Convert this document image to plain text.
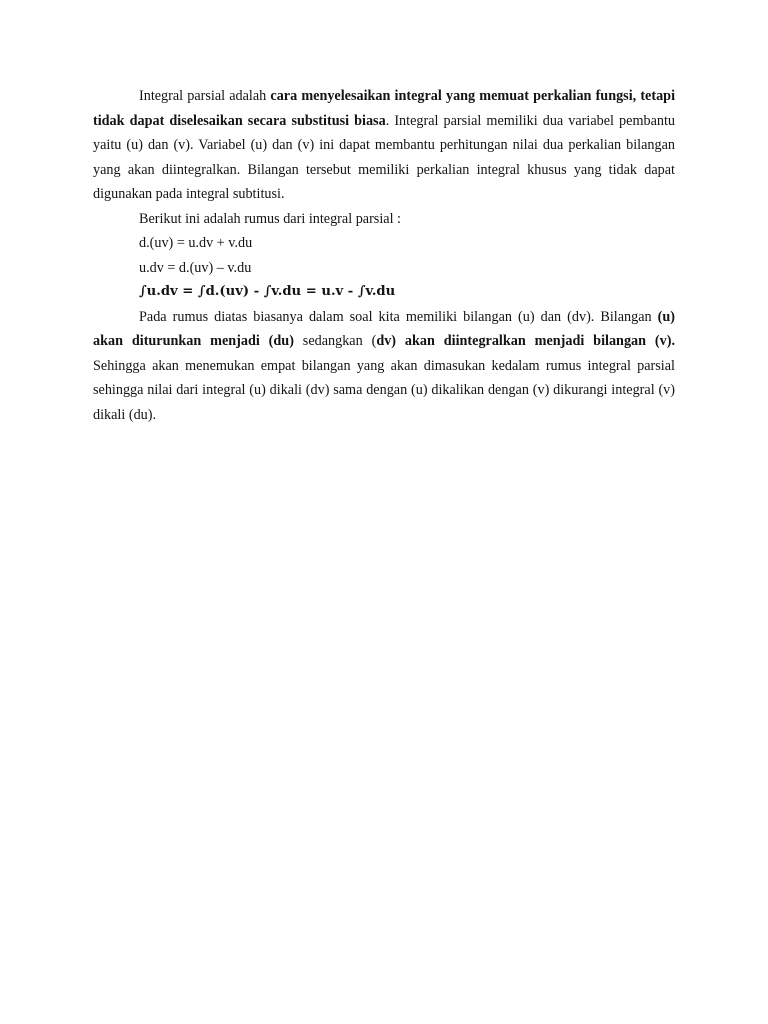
Integral parsial adalah cara menyelesaikan integral yang memuat perkalian fungsi, tetapi tidak dapat diselesaikan secara substitusi biasa. Integral parsial memiliki dua variabel pembantu yaitu (u) dan (v). Variabel (u) dan (v) ini dapat membantu perhitungan nilai dua perkalian bilangan yang akan diintegralkan. Bilangan tersebut memiliki perkalian integral khusus yang tidak dapat digunakan pada integral subtitusi.

Berikut ini adalah rumus dari integral parsial :

d.(uv) = u.dv + v.du

u.dv = d.(uv) – v.du

∫u.dv = ∫d.(uv) - ∫v.du = u.v - ∫v.du

Pada rumus diatas biasanya dalam soal kita memiliki bilangan (u) dan (dv). Bilangan (u) akan diturunkan menjadi (du) sedangkan (dv) akan diintegralkan menjadi bilangan (v). Sehingga akan menemukan empat bilangan yang akan dimasukan kedalam rumus integral parsial sehingga nilai dari integral (u) dikali (dv) sama dengan (u) dikalikan dengan (v) dikurangi integral (v) dikali (du).
